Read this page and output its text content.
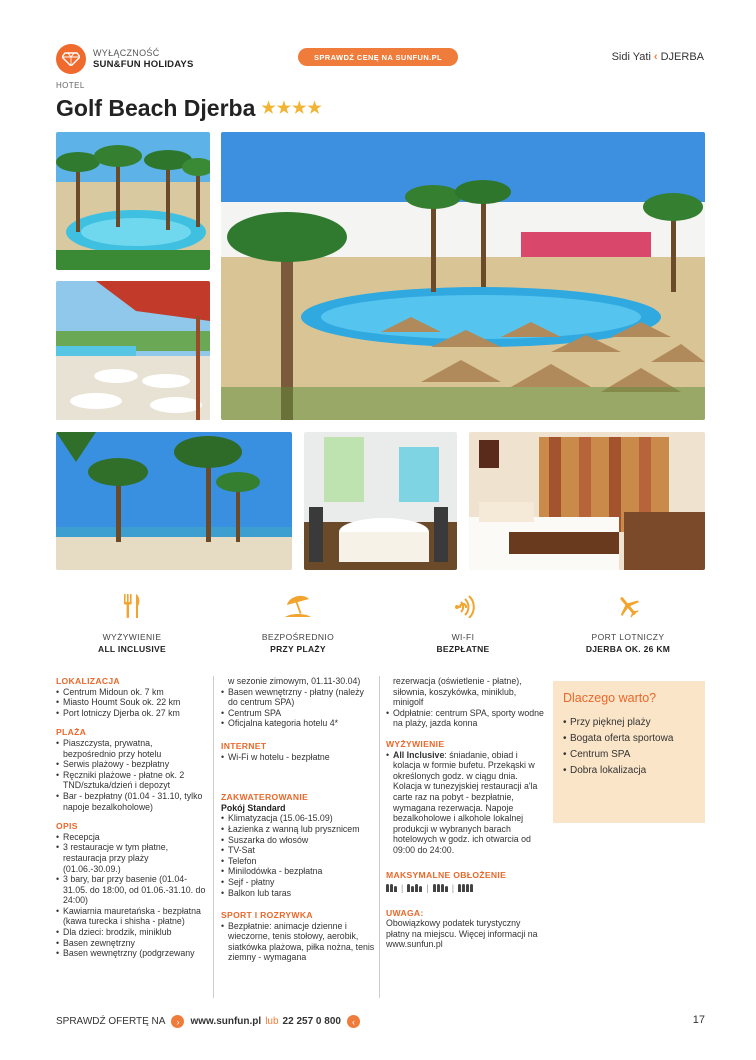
WYŁĄCZNOŚĆ
SUN&FUN HOLIDAYS
SPRAWDŹ CENĘ NA SUNFUN.PL	Sidi Yati ‹ DJERBA
HOTEL
Golf Beach Djerba ★ ★ ★ ★
WYŻYWIENIE
ALL INCLUSIVE
BEZPOŚREDNIO
PRZY PLAŻY
WI-FI
BEZPŁATNE
PORT LOTNICZY
DJERBA OK. 26 KM
LOKALIZACJA
• Centrum Midoun ok. 7 km
• Miasto Houmt Souk ok. 22 km
• Port lotniczy Djerba ok. 27 km
PLAŻA
• Piaszczysta, prywatna, bezpośrednio przy hotelu
• Serwis plażowy - bezpłatny
• Ręczniki plażowe - płatne ok. 2 TND/sztuka/dzień i depozyt
• Bar - bezpłatny (01.04 - 31.10, tylko napoje bezalkoholowe)
OPIS
• Recepcja
• 3 restauracje w tym płatne, restauracja przy plaży (01.06.-30.09.)
• 3 bary, bar przy basenie (01.04-31.05. do 18:00, od 01.06.-31.10. do 24:00)
• Kawiarnia mauretańska - bezpłatna (kawa turecka i shisha - płatne)
• Dla dzieci: brodzik, miniklub
• Basen zewnętrzny
• Basen wewnętrzny (podgrzewany
w sezonie zimowym, 01.11-30.04)
• Basen wewnętrzny - płatny (należy do centrum SPA)
• Centrum SPA
• Oficjalna kategoria hotelu 4*
INTERNET
• Wi-Fi w hotelu - bezpłatne
ZAKWATEROWANIE
Pokój Standard
• Klimatyzacja (15.06-15.09)
• Łazienka z wanną lub prysznicem
• Suszarka do włosów
• TV-Sat
• Telefon
• Minilodówka - bezpłatna
• Sejf - płatny
• Balkon lub taras
SPORT I ROZRYWKA
• Bezpłatnie: animacje dzienne i wieczorne, tenis stołowy, aerobik, siatkówka plażowa, piłka nożna, tenis ziemny - wymagana
rezerwacja (oświetlenie - płatne), siłownia, koszykówka, miniklub, minigolf
• Odpłatnie: centrum SPA, sporty wodne na plaży, jazda konna
WYŻYWIENIE
• All Inclusive: śniadanie, obiad i kolacja w formie bufetu. Przekąski w określonych godz. w ciągu dnia. Kolacja w tunezyjskiej restauracji a'la carte raz na pobyt - bezpłatnie, wymagana rezerwacja. Napoje bezalkoholowe i alkohole lokalnej produkcji w wybranych barach hotelowych w godz. ich otwarcia od 09:00 do 24:00.
MAKSYMALNE OBŁOŻENIE
|	|	|
UWAGA:
Obowiązkowy podatek turystyczny płatny na miejscu. Więcej informacji na www.sunfun.pl
Dlaczego warto?
• Przy pięknej plaży
• Bogata oferta sportowa
• Centrum SPA
• Dobra lokalizacja
SPRAWDŹ OFERTĘ NA	›	www.sunfun.pl lub 22 257 0 800	‹	17
